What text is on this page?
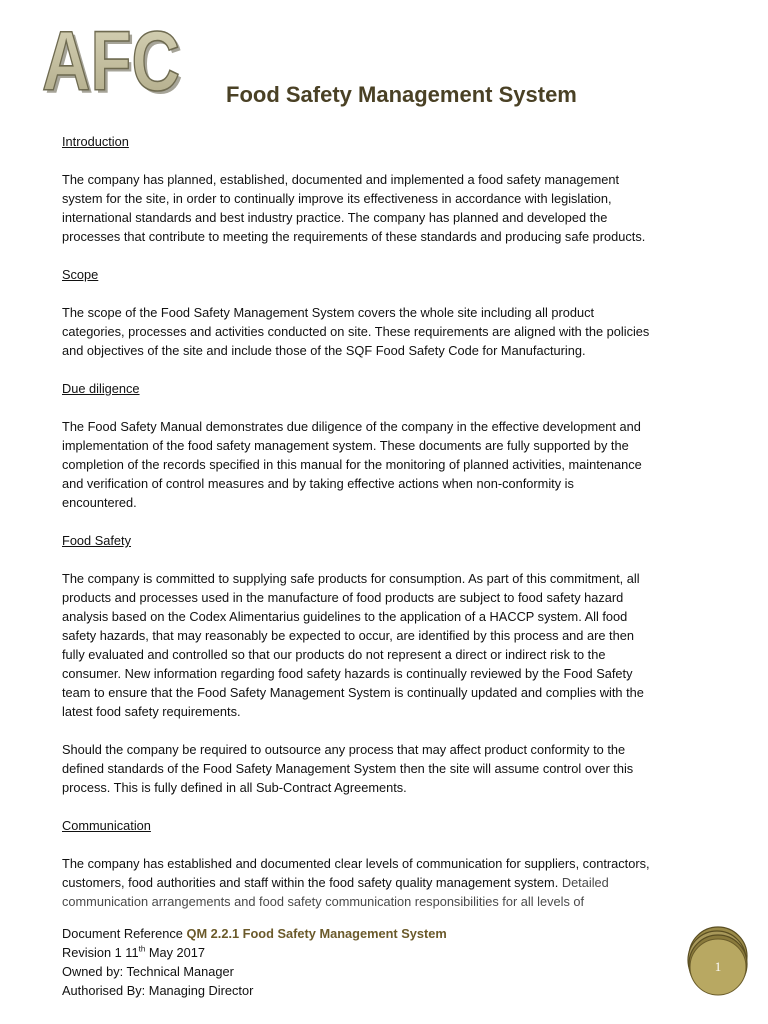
AFC
AFC Food Safety Management System
Introduction
The company has planned, established, documented and implemented a food safety management
system for the site, in order to continually improve its effectiveness in accordance with legislation,
international standards and best industry practice. The company has planned and developed the
processes that contribute to meeting the requirements of these standards and producing safe products.
Scope
The scope of the Food Safety Management System covers the whole site including all product
categories, processes and activities conducted on site. These requirements are aligned with the policies
and objectives of the site and include those of the SQF Food Safety Code for Manufacturing.
Due diligence
The Food Safety Manual demonstrates due diligence of the company in the effective development and
implementation of the food safety management system. These documents are fully supported by the
completion of the records specified in this manual for the monitoring of planned activities, maintenance
and verification of control measures and by taking effective actions when non-conformity is
encountered.
Food Safety
The company is committed to supplying safe products for consumption. As part of this commitment, all
products and processes used in the manufacture of food products are subject to food safety hazard
analysis based on the Codex Alimentarius guidelines to the application of a HACCP system. All food
safety hazards, that may reasonably be expected to occur, are identified by this process and are then
fully evaluated and controlled so that our products do not represent a direct or indirect risk to the
consumer. New information regarding food safety hazards is continually reviewed by the Food Safety
team to ensure that the Food Safety Management System is continually updated and complies with the
latest food safety requirements.
Should the company be required to outsource any process that may affect product conformity to the
defined standards of the Food Safety Management System then the site will assume control over this
process. This is fully defined in all Sub-Contract Agreements.
Communication
The company has established and documented clear levels of communication for suppliers, contractors,
customers, food authorities and staff within the food safety quality management system. Detailed
communication arrangements and food safety communication responsibilities for all levels of
Document Reference QM 2.2.1 Food Safety Management System
Revision 1 11th May 2017
Owned by: Technical Manager
Authorised By: Managing Director
1
